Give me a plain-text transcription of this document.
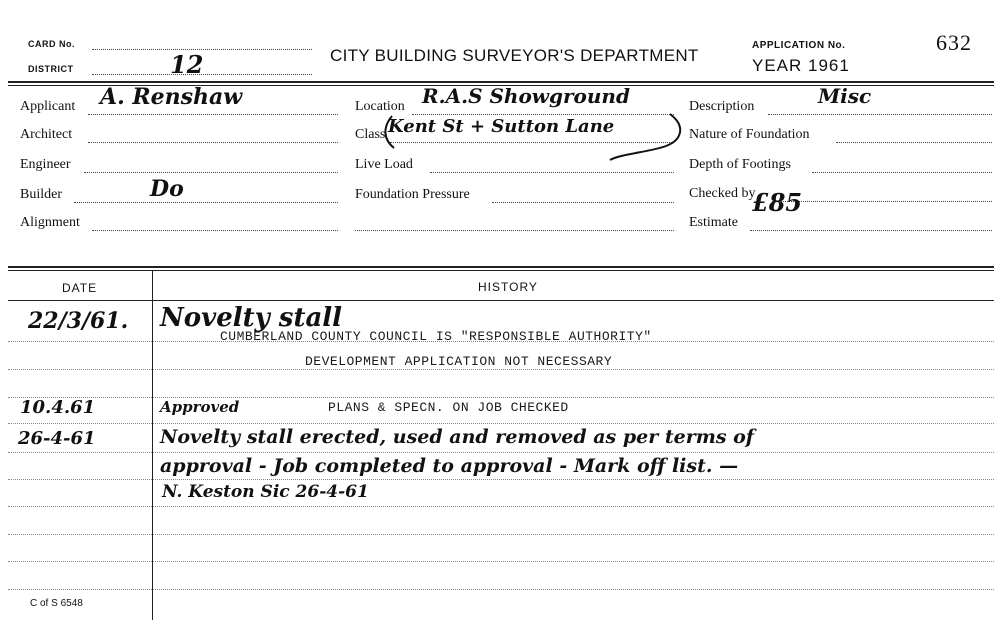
CARD No.
DISTRICT	12	CITY BUILDING SURVEYOR'S DEPARTMENT
APPLICATION No.	632
YEAR 1961
Applicant A. Renshaw
Architect
Engineer
Builder	Do
Alignment
Location R.A.S Showground
Class Kent St + Sutton Lane
Live Load
Foundation Pressure
Description	Misc
Nature of Foundation
Depth of Footings
Checked by
Estimate
£85
DATE	HISTORY
22/3/61. Novelty stall
CUMBERLAND COUNTY COUNCIL IS "RESPONSIBLE AUTHORITY"
DEVELOPMENT APPLICATION NOT NECESSARY
10.4.61	Approved	PLANS & SPECN. ON JOB CHECKED
26-4-61	Novelty stall erected, used and removed as per terms of
approval - Job completed to approval - Mark off list. —
N. Keston Sic 26-4-61
C of S 6548
